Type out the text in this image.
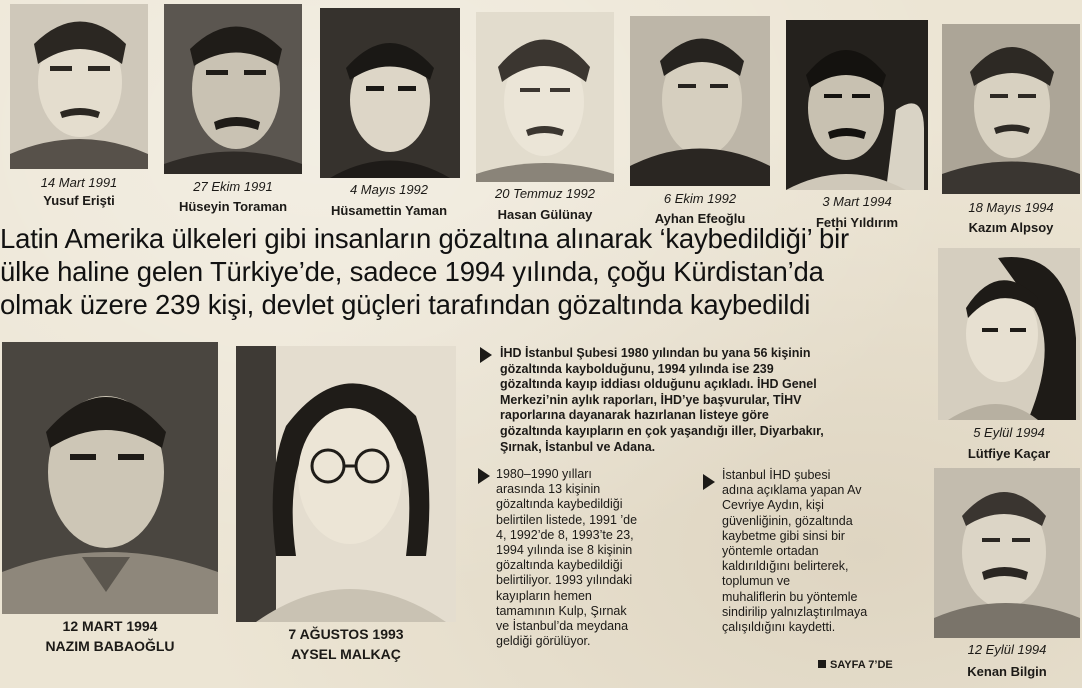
14 Mart 1991
Yusuf Erişti
27 Ekim 1991
Hüseyin Toraman
4 Mayıs 1992
Hüsamettin Yaman
20 Temmuz 1992
Hasan Gülünay
6 Ekim 1992
Ayhan Efeoğlu
3 Mart 1994
Fethi Yıldırım
18 Mayıs 1994
Kazım Alpsoy
Latin Amerika ülkeleri gibi insanların gözaltına alınarak ‘kaybedildiği’ bir
ülke haline gelen Türkiye’de, sadece 1994 yılında, çoğu Kürdistan’da
olmak üzere 239 kişi, devlet güçleri tarafından gözaltında kaybedildi
5 Eylül 1994
Lütfiye Kaçar
12 Eylül 1994
Kenan Bilgin
12 MART 1994
NAZIM BABAOĞLU
7 AĞUSTOS 1993
AYSEL MALKAÇ
İHD İstanbul Şubesi 1980 yılından bu yana 56 kişinin
gözaltında kaybolduğunu, 1994 yılında ise 239
gözaltında kayıp iddiası olduğunu açıkladı. İHD Genel
Merkezi’nin aylık raporları, İHD’ye başvurular, TİHV
raporlarına dayanarak hazırlanan listeye göre
gözaltında kayıpların en çok yaşandığı iller, Diyarbakır,
Şırnak, İstanbul ve Adana.
1980–1990 yılları
arasında 13 kişinin
gözaltında kaybedildiği
belirtilen listede, 1991 ’de
4, 1992’de 8, 1993’te 23,
1994 yılında ise 8 kişinin
gözaltında kaybedildiği
belirtiliyor. 1993 yılındaki
kayıpların hemen
tamamının Kulp, Şırnak
ve İstanbul’da meydana
geldiği görülüyor.
İstanbul İHD şubesi
adına açıklama yapan Av
Cevriye Aydın, kişi
güvenliğinin, gözaltında
kaybetme gibi sinsi bir
yöntemle ortadan
kaldırıldığını belirterek,
toplumun ve
muhaliflerin bu yöntemle
sindirilip yalnızlaştırılmaya
çalışıldığını kaydetti.
SAYFA 7’DE
